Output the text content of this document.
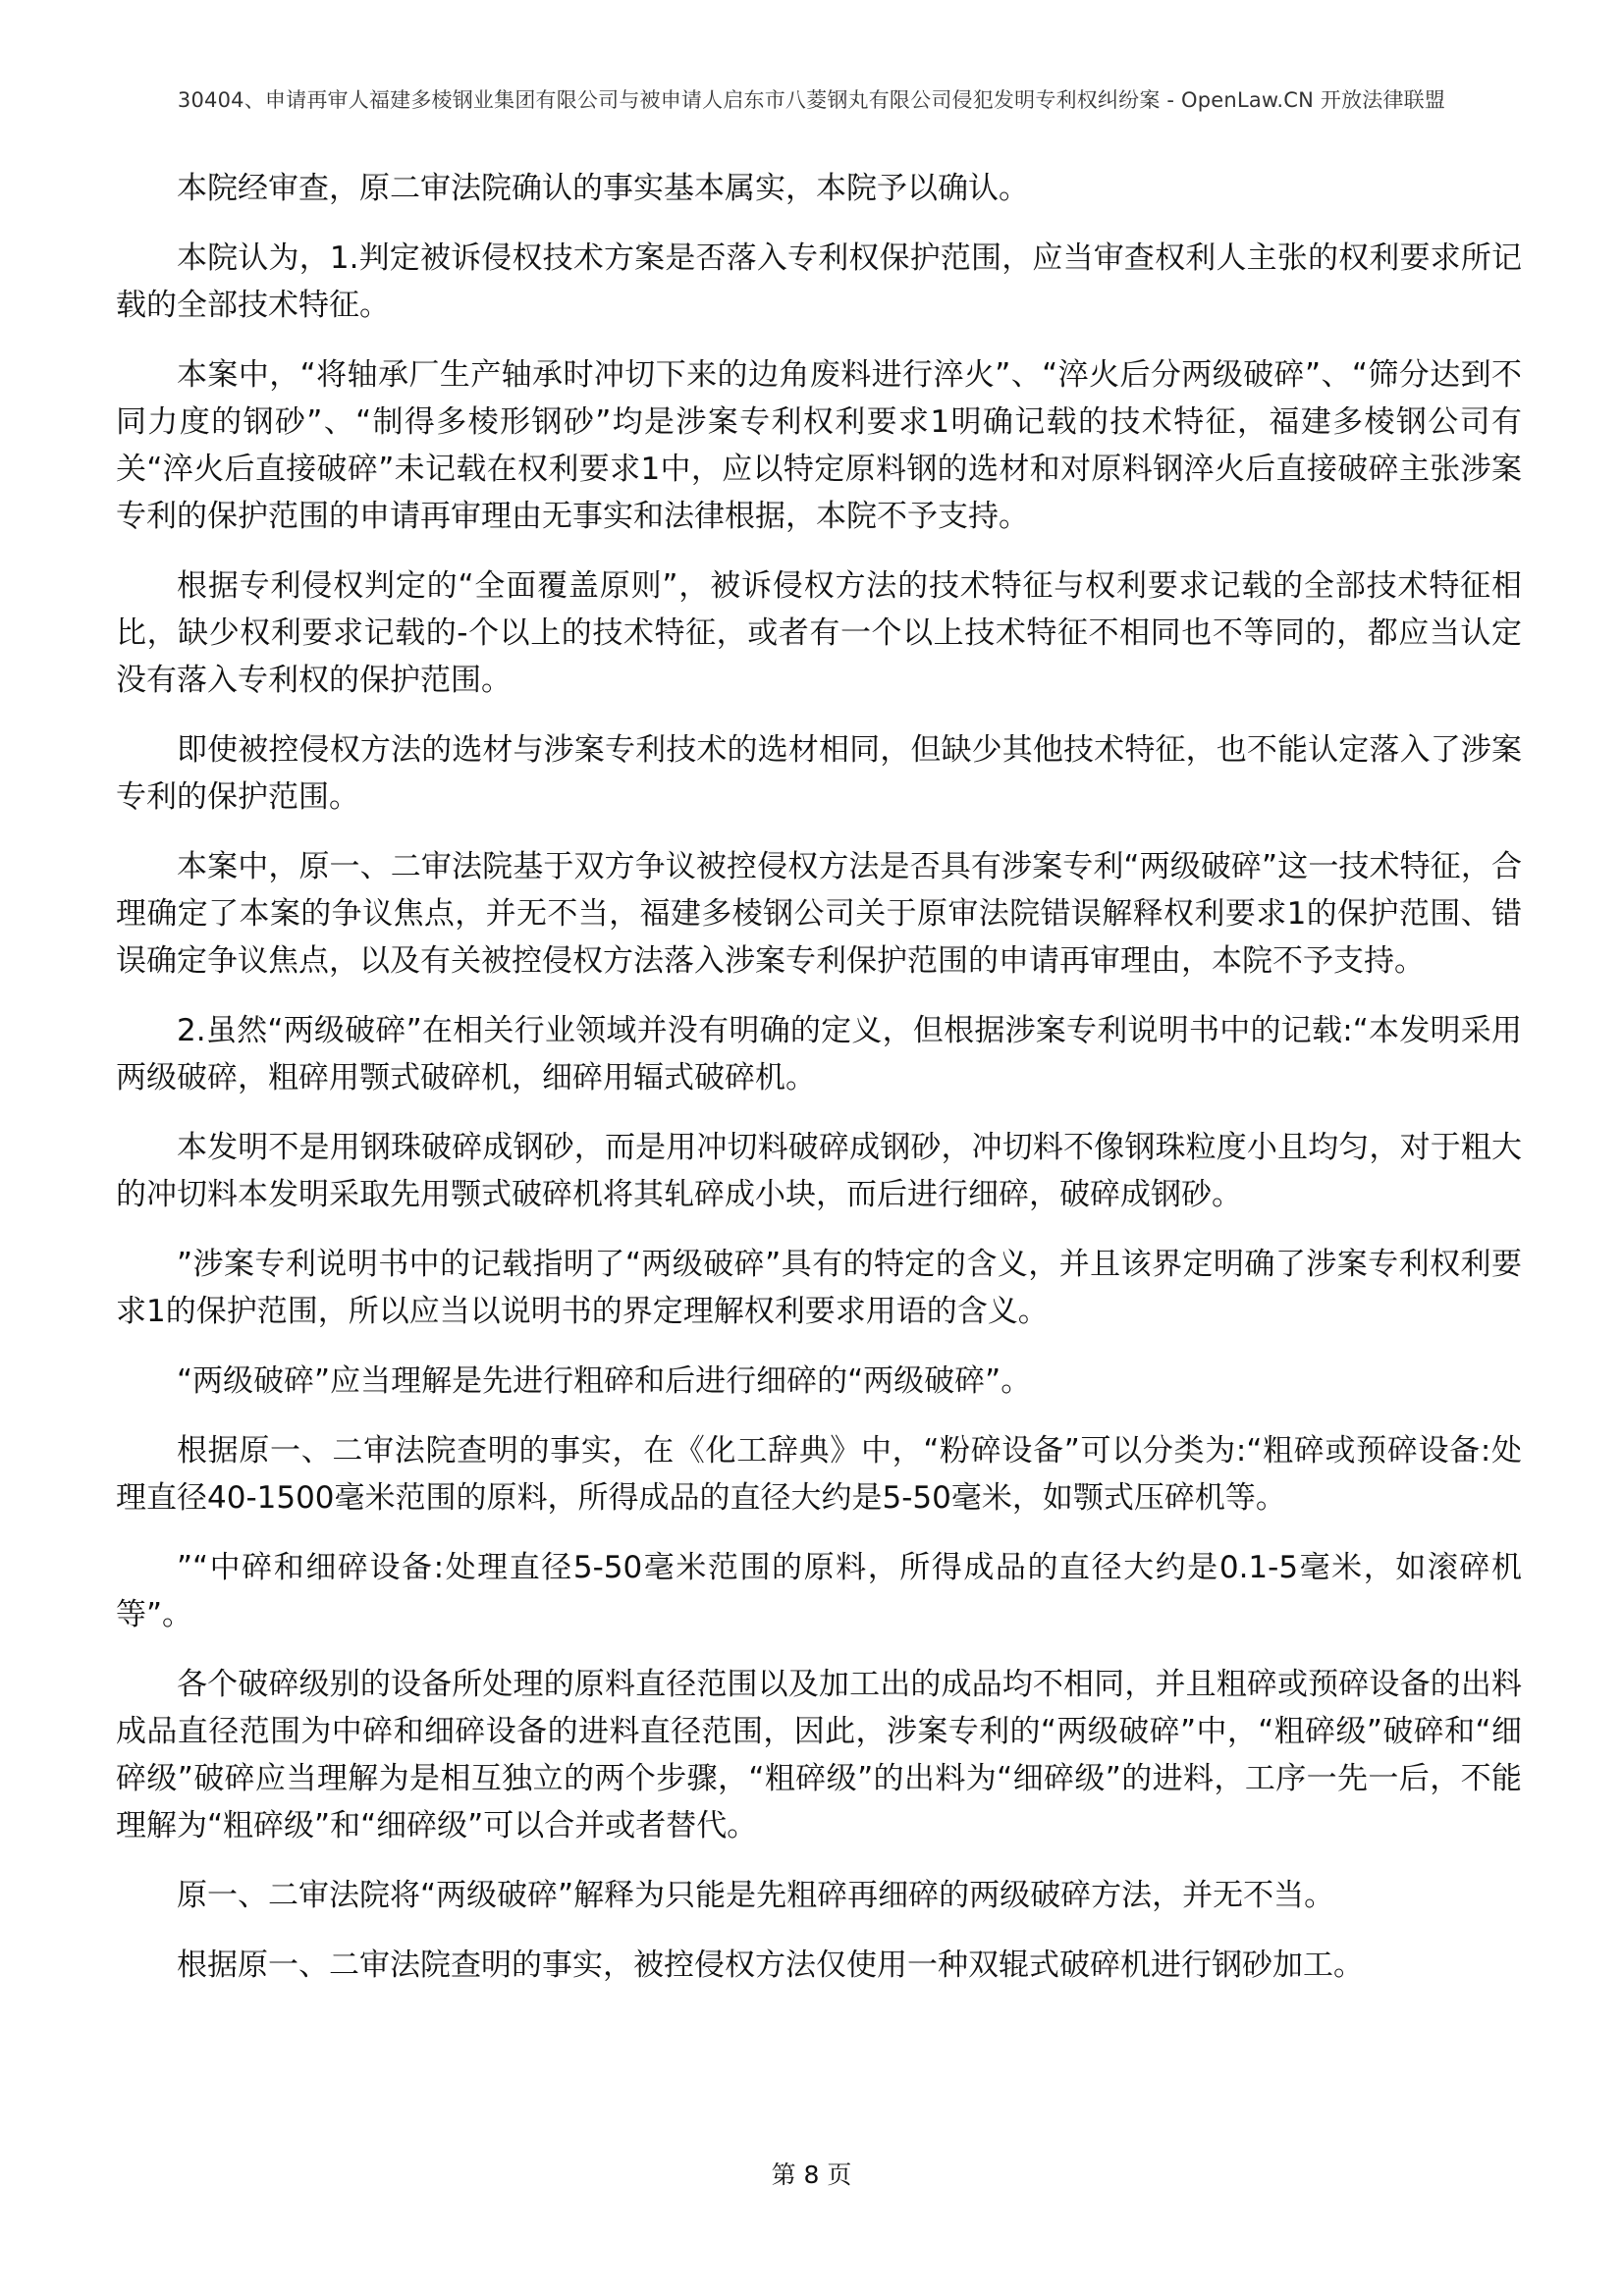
30404、申请再审人福建多棱钢业集团有限公司与被申请人启东市八菱钢丸有限公司侵犯发明专利权纠纷案 - OpenLaw.CN 开放法律联盟

本院经审查，原二审法院确认的事实基本属实，本院予以确认。

本院认为，1.判定被诉侵权技术方案是否落入专利权保护范围，应当审查权利人主张的权利要求所记载的全部技术特征。

本案中，“将轴承厂生产轴承时冲切下来的边角废料进行淬火”、“淬火后分两级破碎”、“筛分达到不同力度的钢砂”、“制得多棱形钢砂”均是涉案专利权利要求1明确记载的技术特征，福建多棱钢公司有关“淬火后直接破碎”未记载在权利要求1中，应以特定原料钢的选材和对原料钢淬火后直接破碎主张涉案专利的保护范围的申请再审理由无事实和法律根据，本院不予支持。

根据专利侵权判定的“全面覆盖原则”，被诉侵权方法的技术特征与权利要求记载的全部技术特征相比，缺少权利要求记载的-个以上的技术特征，或者有一个以上技术特征不相同也不等同的，都应当认定没有落入专利权的保护范围。

即使被控侵权方法的选材与涉案专利技术的选材相同，但缺少其他技术特征，也不能认定落入了涉案专利的保护范围。

本案中，原一、二审法院基于双方争议被控侵权方法是否具有涉案专利“两级破碎”这一技术特征，合理确定了本案的争议焦点，并无不当，福建多棱钢公司关于原审法院错误解释权利要求1的保护范围、错误确定争议焦点，以及有关被控侵权方法落入涉案专利保护范围的申请再审理由，本院不予支持。

2.虽然“两级破碎”在相关行业领域并没有明确的定义，但根据涉案专利说明书中的记载:“本发明采用两级破碎，粗碎用颚式破碎机，细碎用辐式破碎机。

本发明不是用钢珠破碎成钢砂，而是用冲切料破碎成钢砂，冲切料不像钢珠粒度小且均匀，对于粗大的冲切料本发明采取先用颚式破碎机将其轧碎成小块，而后进行细碎，破碎成钢砂。

”涉案专利说明书中的记载指明了“两级破碎”具有的特定的含义，并且该界定明确了涉案专利权利要求1的保护范围，所以应当以说明书的界定理解权利要求用语的含义。

“两级破碎”应当理解是先进行粗碎和后进行细碎的“两级破碎”。

根据原一、二审法院查明的事实，在《化工辞典》中，“粉碎设备”可以分类为:“粗碎或预碎设备:处理直径40-1500毫米范围的原料，所得成品的直径大约是5-50毫米，如颚式压碎机等。

”“中碎和细碎设备:处理直径5-50毫米范围的原料，所得成品的直径大约是0.1-5毫米，如滚碎机等”。

各个破碎级别的设备所处理的原料直径范围以及加工出的成品均不相同，并且粗碎或预碎设备的出料成品直径范围为中碎和细碎设备的进料直径范围，因此，涉案专利的“两级破碎”中，“粗碎级”破碎和“细碎级”破碎应当理解为是相互独立的两个步骤，“粗碎级”的出料为“细碎级”的进料，工序一先一后，不能理解为“粗碎级”和“细碎级”可以合并或者替代。

原一、二审法院将“两级破碎”解释为只能是先粗碎再细碎的两级破碎方法，并无不当。

根据原一、二审法院查明的事实，被控侵权方法仅使用一种双辊式破碎机进行钢砂加工。

第 8 页
